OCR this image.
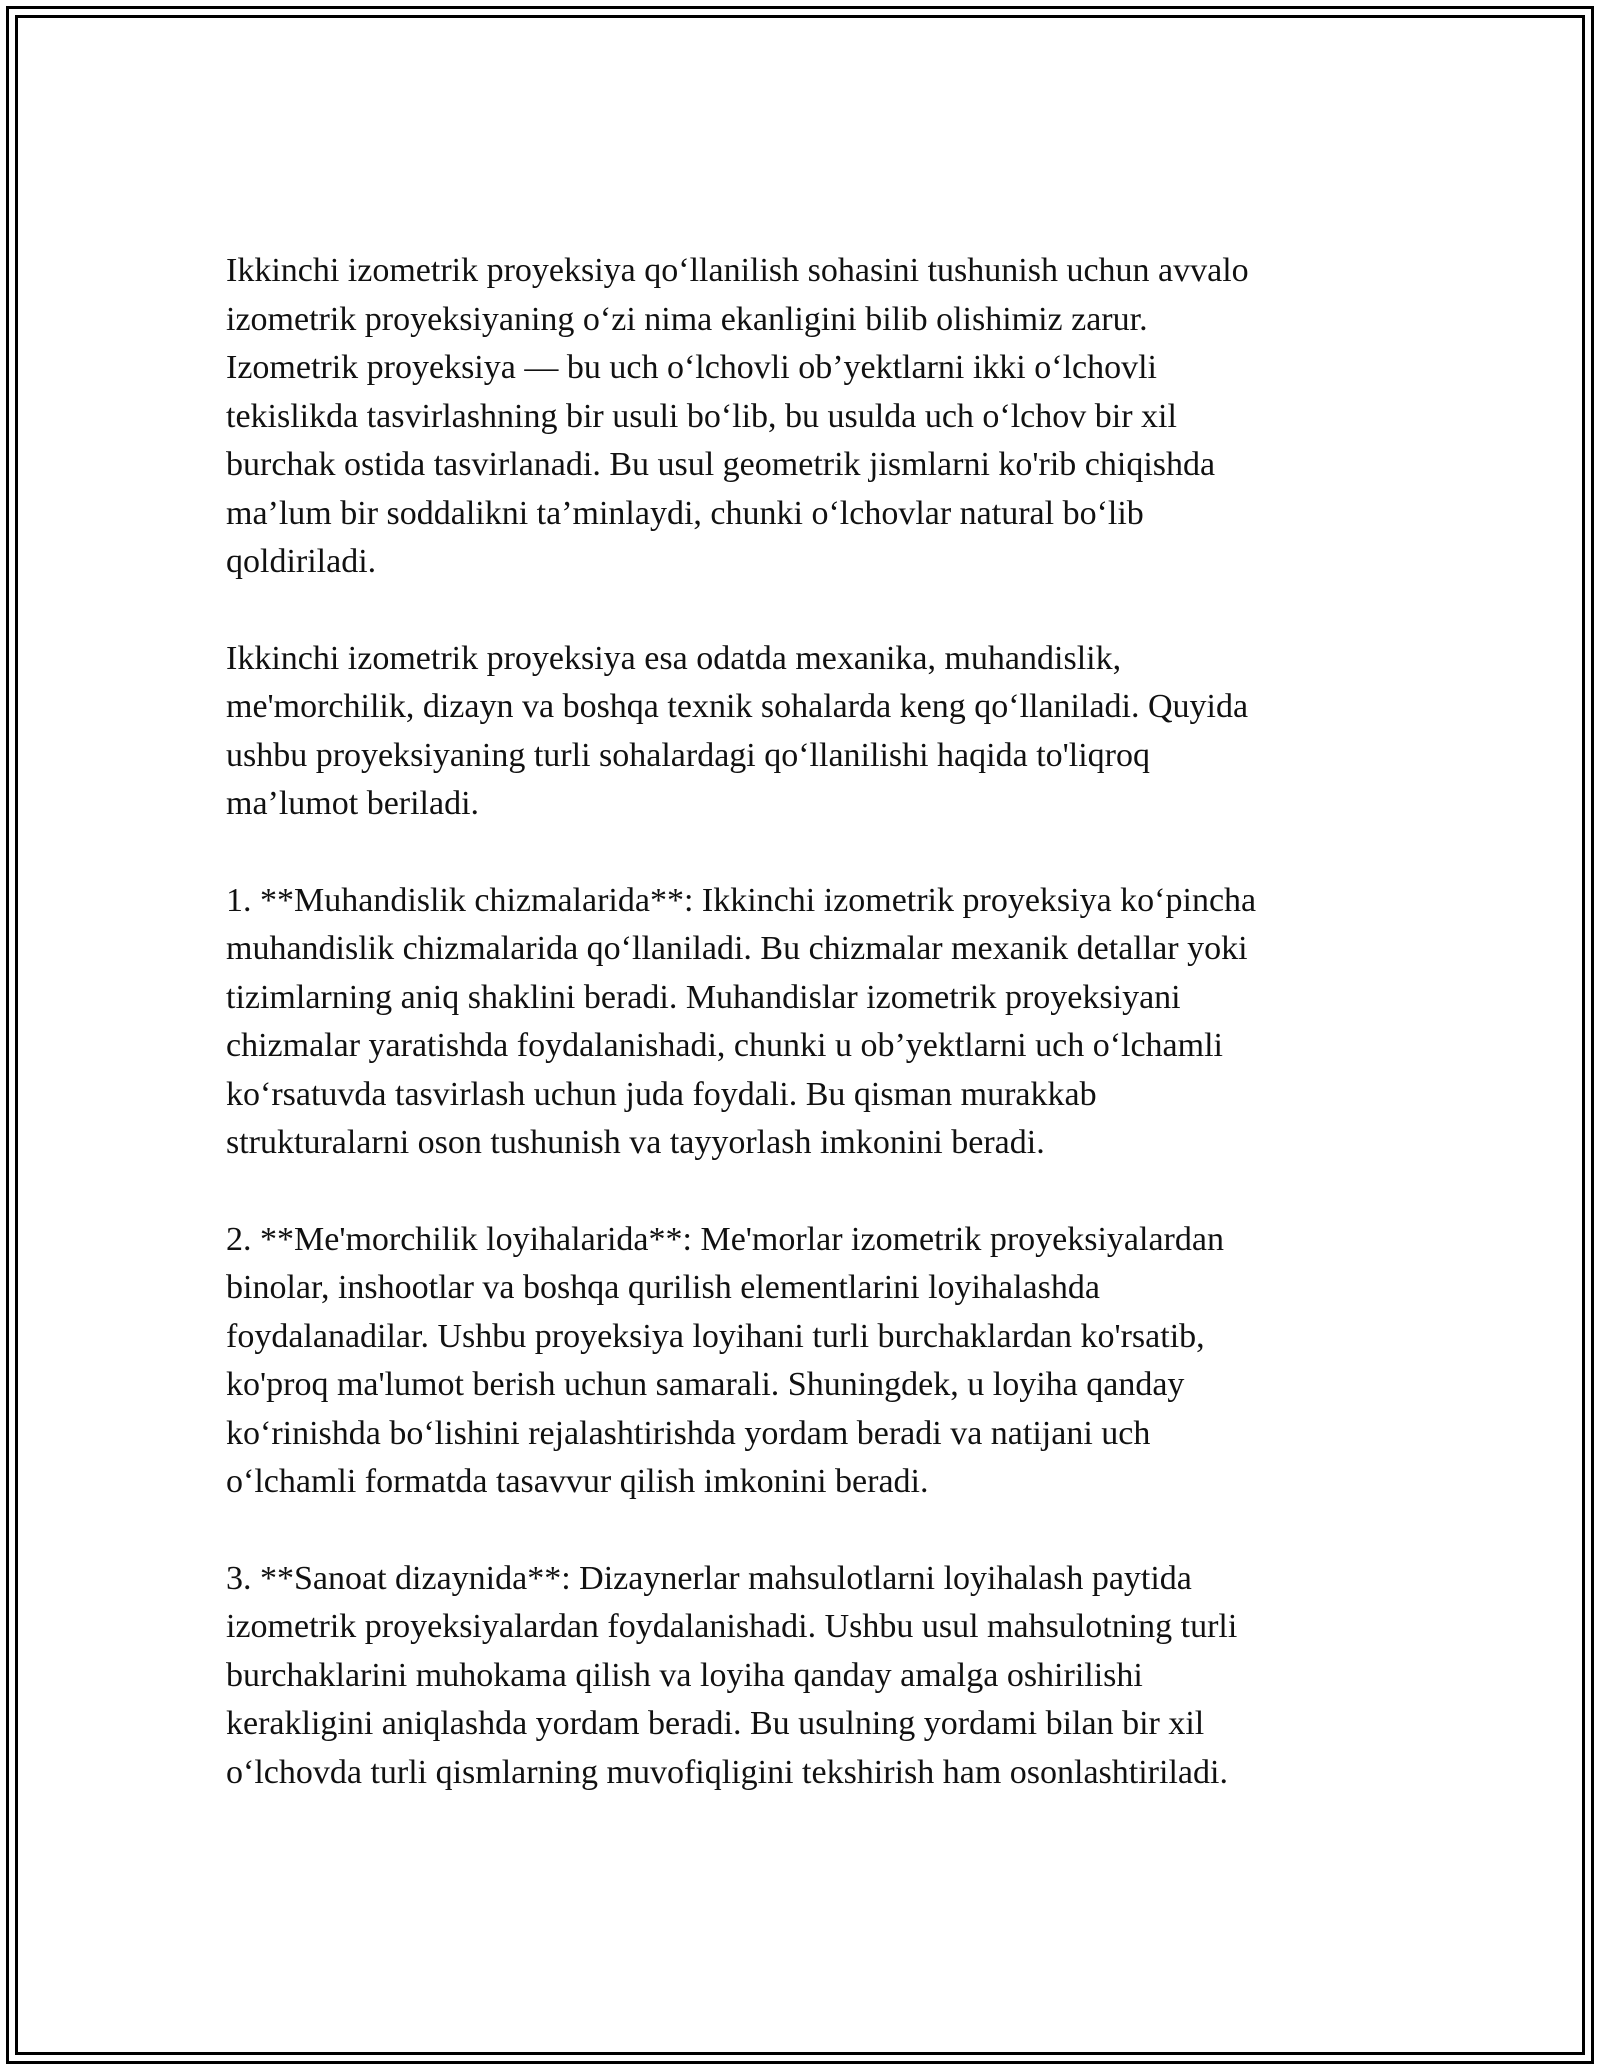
Ikkinchi izometrik proyeksiya qo‘llanilish sohasini tushunish uchun avvalo
izometrik proyeksiyaning o‘zi nima ekanligini bilib olishimiz zarur.
Izometrik proyeksiya — bu uch o‘lchovli ob’yektlarni ikki o‘lchovli
tekislikda tasvirlashning bir usuli bo‘lib, bu usulda uch o‘lchov bir xil
burchak ostida tasvirlanadi. Bu usul geometrik jismlarni ko'rib chiqishda
ma’lum bir soddalikni ta’minlaydi, chunki o‘lchovlar natural bo‘lib
qoldiriladi.

Ikkinchi izometrik proyeksiya esa odatda mexanika, muhandislik,
me'morchilik, dizayn va boshqa texnik sohalarda keng qo‘llaniladi. Quyida
ushbu proyeksiyaning turli sohalardagi qo‘llanilishi haqida to'liqroq
ma’lumot beriladi.

1. **Muhandislik chizmalarida**: Ikkinchi izometrik proyeksiya ko‘pincha
muhandislik chizmalarida qo‘llaniladi. Bu chizmalar mexanik detallar yoki
tizimlarning aniq shaklini beradi. Muhandislar izometrik proyeksiyani
chizmalar yaratishda foydalanishadi, chunki u ob’yektlarni uch o‘lchamli
ko‘rsatuvda tasvirlash uchun juda foydali. Bu qisman murakkab
strukturalarni oson tushunish va tayyorlash imkonini beradi.

2. **Me'morchilik loyihalarida**: Me'morlar izometrik proyeksiyalardan
binolar, inshootlar va boshqa qurilish elementlarini loyihalashda
foydalanadilar. Ushbu proyeksiya loyihani turli burchaklardan ko'rsatib,
ko'proq ma'lumot berish uchun samarali. Shuningdek, u loyiha qanday
ko‘rinishda bo‘lishini rejalashtirishda yordam beradi va natijani uch
o‘lchamli formatda tasavvur qilish imkonini beradi.

3. **Sanoat dizaynida**: Dizaynerlar mahsulotlarni loyihalash paytida
izometrik proyeksiyalardan foydalanishadi. Ushbu usul mahsulotning turli
burchaklarini muhokama qilish va loyiha qanday amalga oshirilishi
kerakligini aniqlashda yordam beradi. Bu usulning yordami bilan bir xil
o‘lchovda turli qismlarning muvofiqligini tekshirish ham osonlashtiriladi.
